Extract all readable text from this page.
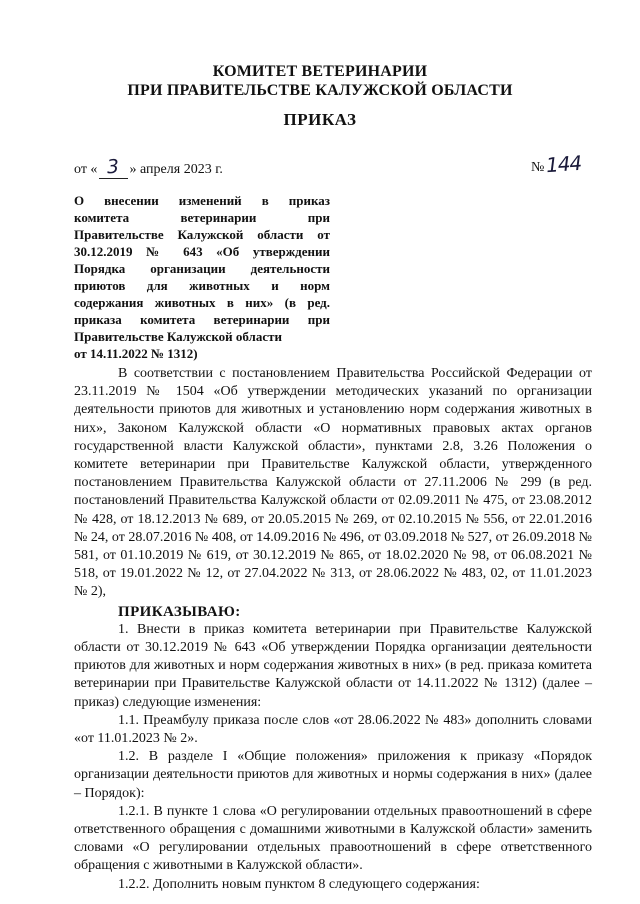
КОМИТЕТ ВЕТЕРИНАРИИ
ПРИ ПРАВИТЕЛЬСТВЕ КАЛУЖСКОЙ ОБЛАСТИ
ПРИКАЗ
от « 3 » апреля 2023 г.	№144
О внесении изменений в приказ
комитета ветеринарии при
Правительстве Калужской области от
30.12.2019 № 643 «Об утверждении
Порядка организации деятельности
приютов для животных и норм
содержания животных в них» (в ред.
приказа комитета ветеринарии при
Правительстве Калужской области
от 14.11.2022 № 1312)

В соответствии с постановлением Правительства Российской Федерации от 23.11.2019 № 1504 «Об утверждении методических указаний по организации деятельности приютов для животных и установлению норм содержания животных в них», Законом Калужской области «О нормативных правовых актах органов государственной власти Калужской области», пунктами 2.8, 3.26 Положения о комитете ветеринарии при Правительстве Калужской области, утвержденного постановлением Правительства Калужской области от 27.11.2006 № 299 (в ред. постановлений Правительства Калужской области от 02.09.2011 № 475, от 23.08.2012 № 428, от 18.12.2013 № 689, от 20.05.2015 № 269, от 02.10.2015 № 556, от 22.01.2016 № 24, от 28.07.2016 № 408, от 14.09.2016 № 496, от 03.09.2018 № 527, от 26.09.2018 № 581, от 01.10.2019 № 619, от 30.12.2019 № 865, от 18.02.2020 № 98, от 06.08.2021 № 518, от 19.01.2022 № 12, от 27.04.2022 № 313, от 28.06.2022 № 483, 02, от 11.01.2023 № 2),

ПРИКАЗЫВАЮ:

1. Внести в приказ комитета ветеринарии при Правительстве Калужской области от 30.12.2019 № 643 «Об утверждении Порядка организации деятельности приютов для животных и норм содержания животных в них» (в ред. приказа комитета ветеринарии при Правительстве Калужской области от 14.11.2022 № 1312) (далее – приказ) следующие изменения:

1.1. Преамбулу приказа после слов «от 28.06.2022 № 483» дополнить словами «от 11.01.2023 № 2».

1.2. В разделе I «Общие положения» приложения к приказу «Порядок организации деятельности приютов для животных и нормы содержания в них» (далее – Порядок):

1.2.1. В пункте 1 слова «О регулировании отдельных правоотношений в сфере ответственного обращения с домашними животными в Калужской области» заменить словами «О регулировании отдельных правоотношений в сфере ответственного обращения с животными в Калужской области».

1.2.2. Дополнить новым пунктом 8 следующего содержания:
